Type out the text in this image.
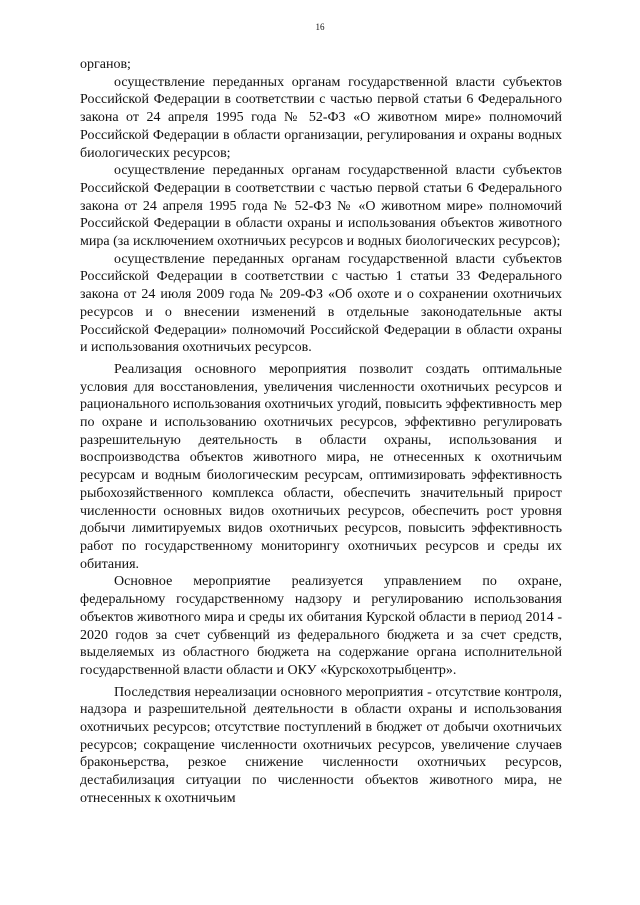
16

органов;

осуществление переданных органам государственной власти субъектов Российской Федерации в соответствии с частью первой статьи 6 Федерального закона от 24 апреля 1995 года № 52-ФЗ «О животном мире» полномочий Российской Федерации в области организации, регулирования и охраны водных биологических ресурсов;

осуществление переданных органам государственной власти субъектов Российской Федерации в соответствии с частью первой статьи 6 Федерального закона от 24 апреля 1995 года № 52-ФЗ № «О животном мире» полномочий Российской Федерации в области охраны и использования объектов животного мира (за исключением охотничьих ресурсов и водных биологических ресурсов);

осуществление переданных органам государственной власти субъектов Российской Федерации в соответствии с частью 1 статьи 33 Федерального закона от 24 июля 2009 года № 209-ФЗ «Об охоте и о сохранении охотничьих ресурсов и о внесении изменений в отдельные законодательные акты Российской Федерации» полномочий Российской Федерации в области охраны и использования охотничьих ресурсов.

Реализация основного мероприятия позволит создать оптимальные условия для восстановления, увеличения численности охотничьих ресурсов и рационального использования охотничьих угодий, повысить эффективность мер по охране и использованию охотничьих ресурсов, эффективно регулировать разрешительную деятельность в области охраны, использования и воспроизводства объектов животного мира, не отнесенных к охотничьим ресурсам и водным биологическим ресурсам, оптимизировать эффективность рыбохозяйственного комплекса области, обеспечить значительный прирост численности основных видов охотничьих ресурсов, обеспечить рост уровня добычи лимитируемых видов охотничьих ресурсов, повысить эффективность работ по государственному мониторингу охотничьих ресурсов и среды их обитания.

Основное мероприятие реализуется управлением по охране, федеральному государственному надзору и регулированию использования объектов животного мира и среды их обитания Курской области в период 2014 - 2020 годов за счет субвенций из федерального бюджета и за счет средств, выделяемых из областного бюджета на содержание органа исполнительной государственной власти области и ОКУ «Курскохотрыбцентр».

Последствия нереализации основного мероприятия - отсутствие контроля, надзора и разрешительной деятельности в области охраны и использования охотничьих ресурсов; отсутствие поступлений в бюджет от добычи охотничьих ресурсов; сокращение численности охотничьих ресурсов, увеличение случаев браконьерства, резкое снижение численности охотничьих ресурсов, дестабилизация ситуации по численности объектов животного мира, не отнесенных к охотничьим
